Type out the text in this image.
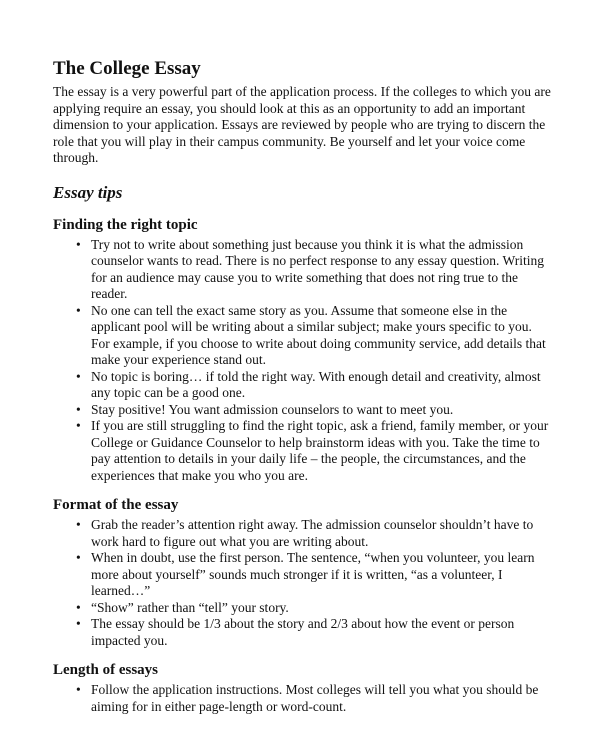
The College Essay

The essay is a very powerful part of the application process. If the colleges to which you are applying require an essay, you should look at this as an opportunity to add an important dimension to your application. Essays are reviewed by people who are trying to discern the role that you will play in their campus community. Be yourself and let your voice come through.

Essay tips
Finding the right topic
• Try not to write about something just because you think it is what the admission counselor wants to read. There is no perfect response to any essay question. Writing for an audience may cause you to write something that does not ring true to the reader.
• No one can tell the exact same story as you. Assume that someone else in the applicant pool will be writing about a similar subject; make yours specific to you. For example, if you choose to write about doing community service, add details that make your experience stand out.
• No topic is boring… if told the right way. With enough detail and creativity, almost any topic can be a good one.
• Stay positive! You want admission counselors to want to meet you.
• If you are still struggling to find the right topic, ask a friend, family member, or your College or Guidance Counselor to help brainstorm ideas with you. Take the time to pay attention to details in your daily life – the people, the circumstances, and the experiences that make you who you are.
Format of the essay
• Grab the reader’s attention right away. The admission counselor shouldn’t have to work hard to figure out what you are writing about.
• When in doubt, use the first person. The sentence, “when you volunteer, you learn more about yourself” sounds much stronger if it is written, “as a volunteer, I learned…”
• “Show” rather than “tell” your story.
• The essay should be 1/3 about the story and 2/3 about how the event or person impacted you.
Length of essays
• Follow the application instructions. Most colleges will tell you what you should be aiming for in either page-length or word-count.
